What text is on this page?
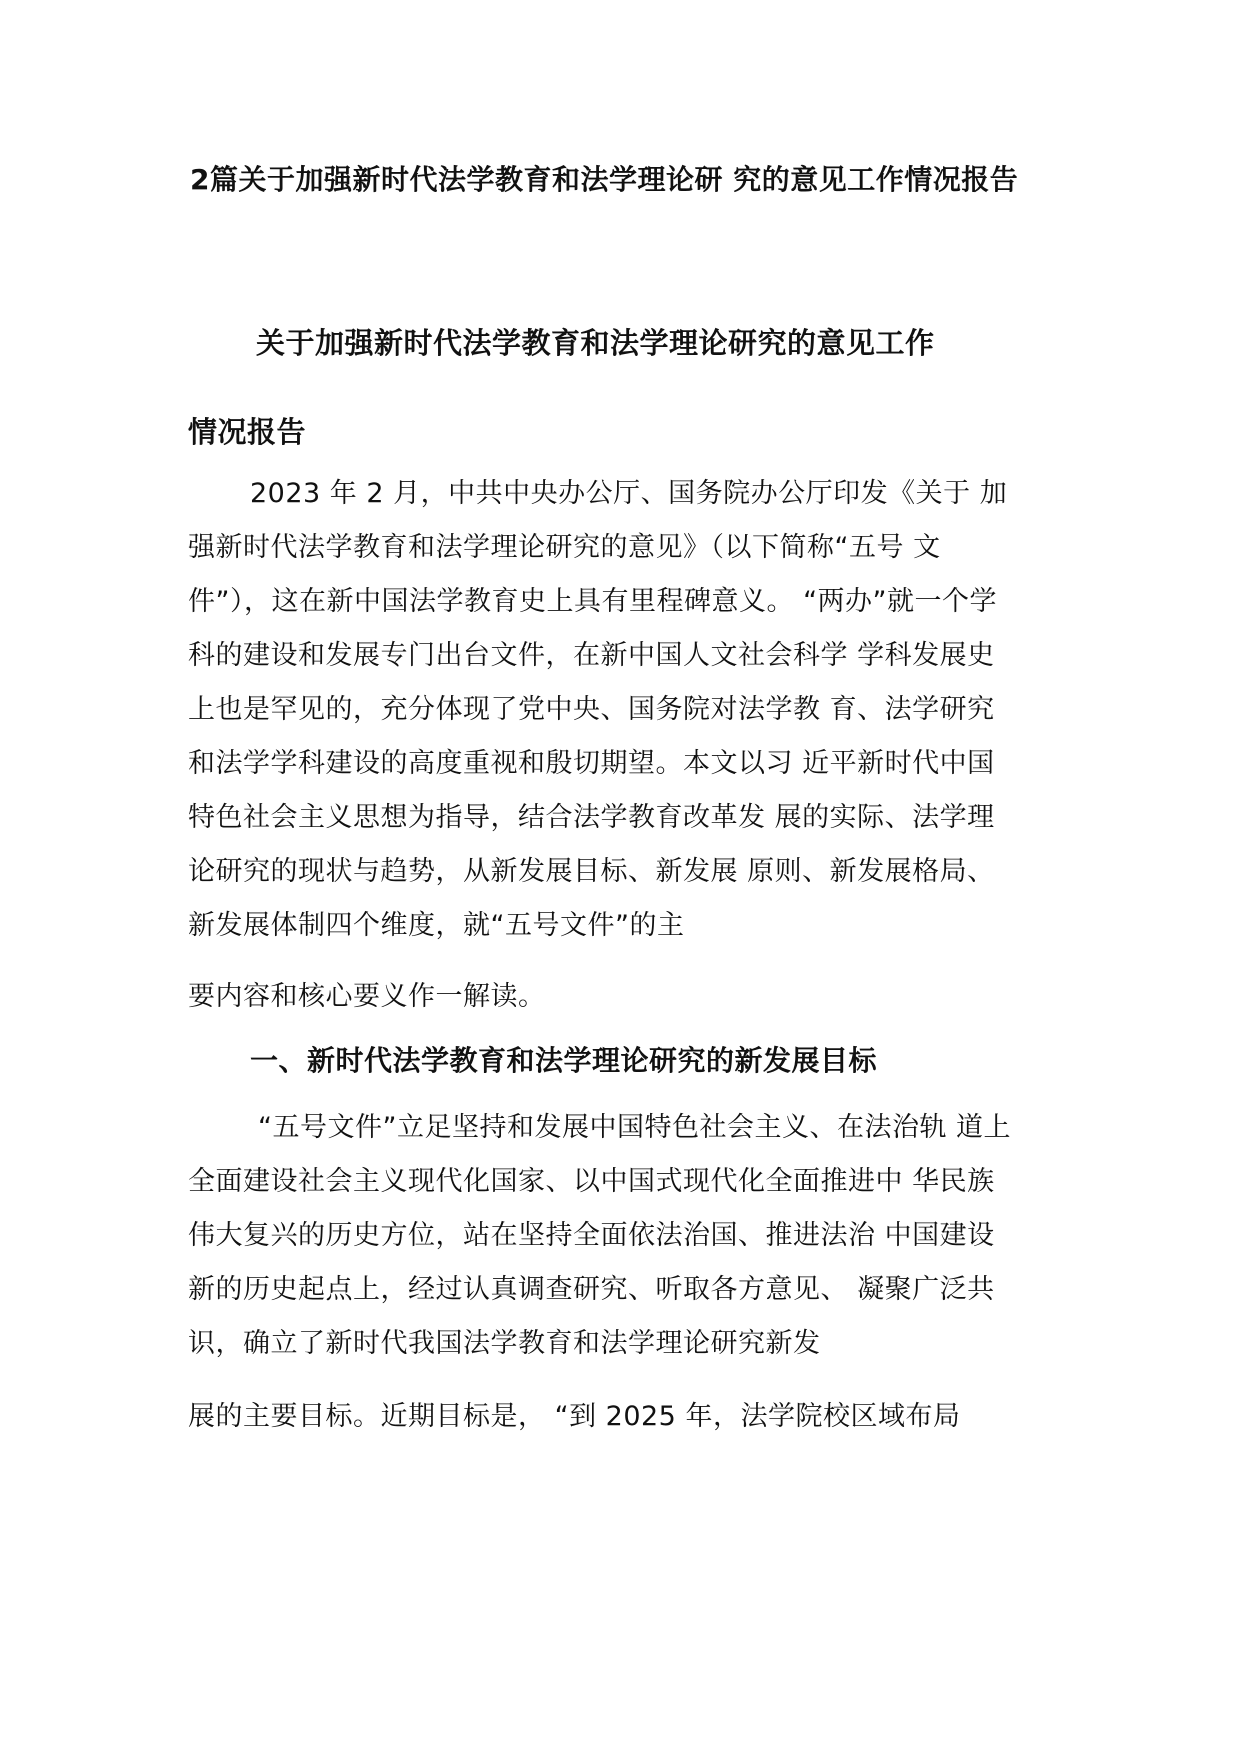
2篇关于加强新时代法学教育和法学理论研 究的意见工作情况报告
关于加强新时代法学教育和法学理论研究的意见工作
情况报告
2023 年 2 月，中共中央办公厅、国务院办公厅印发《关于 加
强新时代法学教育和法学理论研究的意见》（以下简称“五号 文
件”），这在新中国法学教育史上具有里程碑意义。 “两办”就一个学
科的建设和发展专门出台文件，在新中国人文社会科学 学科发展史
上也是罕见的，充分体现了党中央、国务院对法学教 育、法学研究
和法学学科建设的高度重视和殷切期望。本文以习 近平新时代中国
特色社会主义思想为指导，结合法学教育改革发 展的实际、法学理
论研究的现状与趋势，从新发展目标、新发展 原则、新发展格局、
新发展体制四个维度，就“五号文件”的主
要内容和核心要义作一解读。
一、新时代法学教育和法学理论研究的新发展目标
“五号文件”立足坚持和发展中国特色社会主义、在法治轨 道上
全面建设社会主义现代化国家、以中国式现代化全面推进中 华民族
伟大复兴的历史方位，站在坚持全面依法治国、推进法治 中国建设
新的历史起点上，经过认真调查研究、听取各方意见、 凝聚广泛共
识，确立了新时代我国法学教育和法学理论研究新发
展的主要目标。近期目标是， “到 2025 年，法学院校区域布局
